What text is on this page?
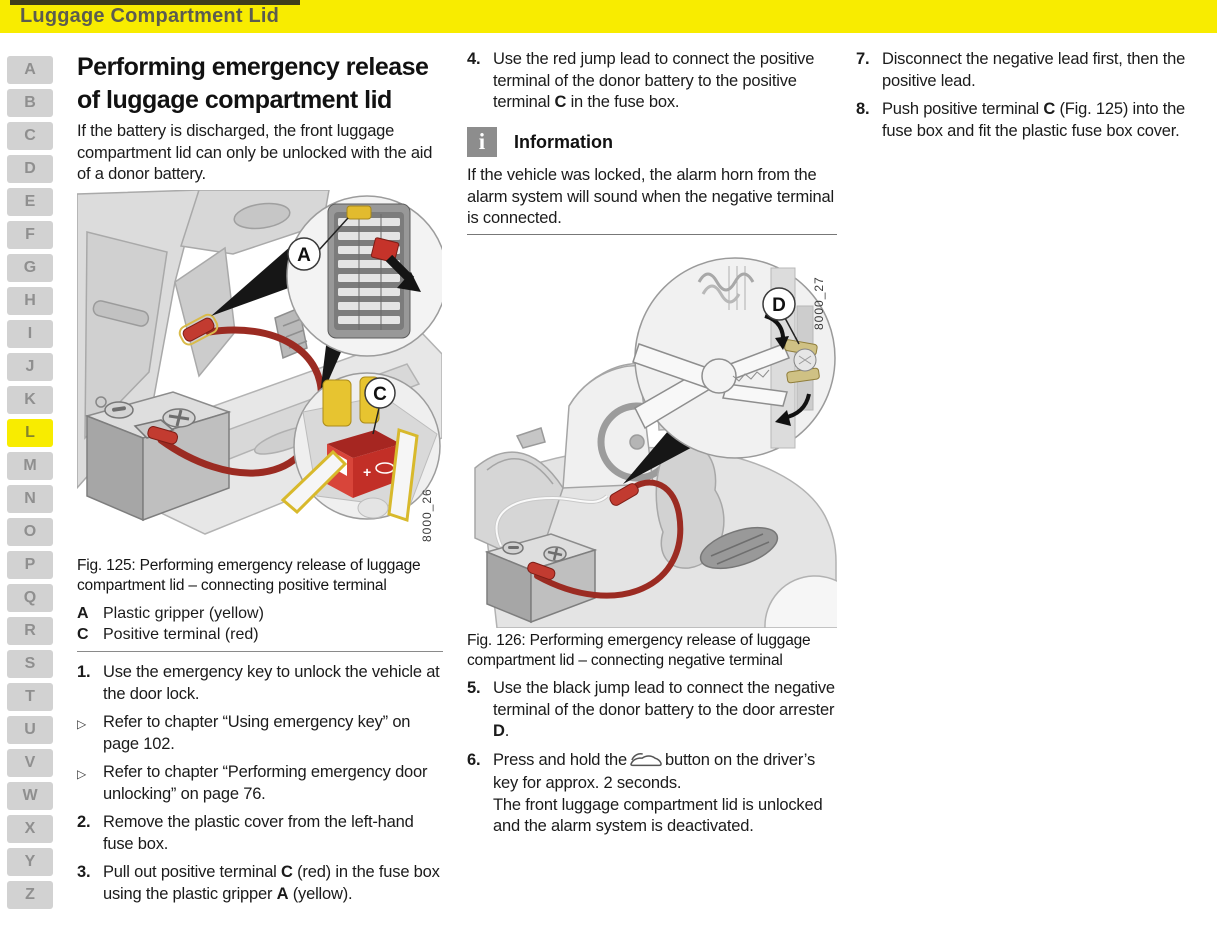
Luggage Compartment Lid
A
B
C
D
E
F
G
H
I
J
K
L
M
N
O
P
Q
R
S
T
U
V
W
X
Y
Z
Performing emergency release of luggage compartment lid

If the battery is discharged, the front luggage compartment lid can only be unlocked with the aid of a donor battery.

A
+
C
8000_26
Fig. 125: Performing emergency release of luggage compartment lid – connecting positive terminal
A Plastic gripper (yellow)
C Positive terminal (red)
1. Use the emergency key to unlock the vehicle at the door lock.
▷	Refer to chapter “Using emergency key” on page 102.
▷	Refer to chapter “Performing emergency door unlocking” on page 76.
2. Remove the plastic cover from the left-hand fuse box.
3. Pull out positive terminal C (red) in the fuse box using the plastic gripper A (yellow).
4. Use the red jump lead to connect the positive terminal of the donor battery to the positive terminal C in the fuse box.
i	Information

If the vehicle was locked, the alarm horn from the alarm system will sound when the negative terminal is connected.

D 8000_27
Fig. 126: Performing emergency release of luggage compartment lid – connecting negative terminal
5. Use the black jump lead to connect the negative terminal of the donor battery to the door arrester D.
6. Press and hold the button on the driver’s key for approx. 2 seconds.
The front luggage compartment lid is unlocked and the alarm system is deactivated.
7. Disconnect the negative lead first, then the positive lead.
8. Push positive terminal C (Fig. 125) into the fuse box and fit the plastic fuse box cover.
